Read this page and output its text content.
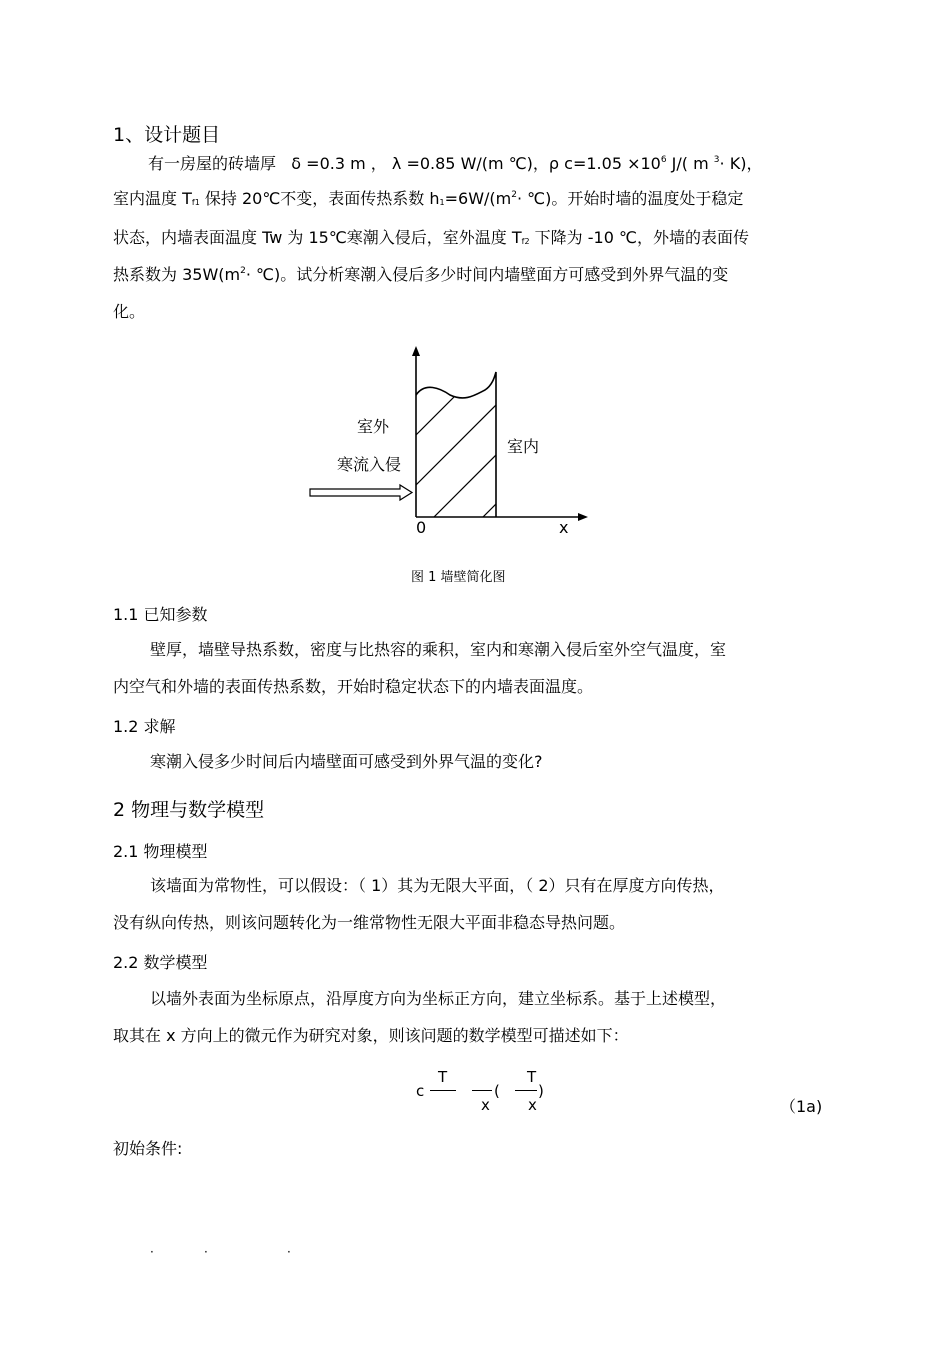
1、设计题目
有一房屋的砖墙厚 δ =0.3 m ， λ =0.85 W/(m ℃)，ρ $c=1.05 \times 10^6$ J/( m $^3$· K)，
室内温度 $T_{f1}$ 保持 20℃不变，表面传热系数 $h_1=6W/(m^2\cdot$ ℃)。开始时墙的温度处于稳定
状态，内墙表面温度 Tw 为 15℃寒潮入侵后，室外温度 $T_{f2}$ 下降为 -10 ℃，外墙的表面传
热系数为 $35W(m^2\cdot$ ℃)。试分析寒潮入侵后多少时间内墙壁面方可感受到外界气温的变
化。
室外
寒流入侵
室内
0	x
图 1 墙壁简化图
1.1 已知参数
壁厚，墙壁导热系数，密度与比热容的乘积，室内和寒潮入侵后室外空气温度，室
内空气和外墙的表面传热系数，开始时稳定状态下的内墙表面温度。
1.2 求解
寒潮入侵多少时间后内墙壁面可感受到外界气温的变化?
2 物理与数学模型
2.1 物理模型
该墙面为常物性，可以假设：（ 1）其为无限大平面，（ 2）只有在厚度方向传热，
没有纵向传热，则该问题转化为一维常物性无限大平面非稳态导热问题。
2.2 数学模型
以墙外表面为坐标原点，沿厚度方向为坐标正方向，建立坐标系。基于上述模型，
取其在 x 方向上的微元作为研究对象，则该问题的数学模型可描述如下：
c
T
x
(
T
x
)
（1a)
初始条件:
·	·	·
